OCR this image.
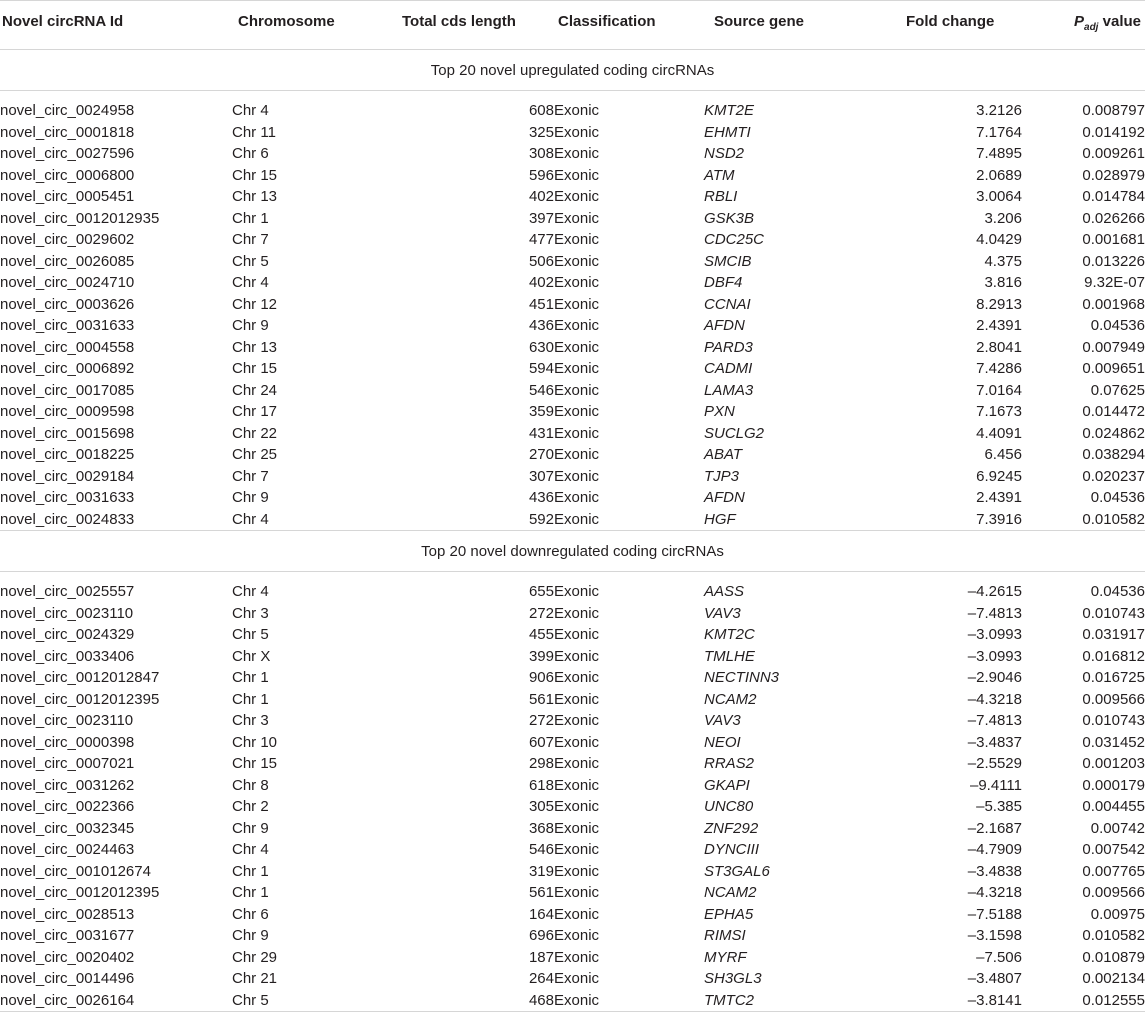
Novel circRNA Id	Chromosome	Total cds length	Classification	Source gene	Fold change	$P_{adj}$ value
Top 20 novel upregulated coding circRNAs						

novel_circ_0024958	Chr 4	608	Exonic	KMT2E	3.2126	0.008797
novel_circ_0001818	Chr 11	325	Exonic	EHMTI	7.1764	0.014192
novel_circ_0027596	Chr 6	308	Exonic	NSD2	7.4895	0.009261
novel_circ_0006800	Chr 15	596	Exonic	ATM	2.0689	0.028979
novel_circ_0005451	Chr 13	402	Exonic	RBLI	3.0064	0.014784
novel_circ_0012012935	Chr 1	397	Exonic	GSK3B	3.206	0.026266
novel_circ_0029602	Chr 7	477	Exonic	CDC25C	4.0429	0.001681
novel_circ_0026085	Chr 5	506	Exonic	SMCIB	4.375	0.013226
novel_circ_0024710	Chr 4	402	Exonic	DBF4	3.816	9.32E-07
novel_circ_0003626	Chr 12	451	Exonic	CCNAI	8.2913	0.001968
novel_circ_0031633	Chr 9	436	Exonic	AFDN	2.4391	0.04536
novel_circ_0004558	Chr 13	630	Exonic	PARD3	2.8041	0.007949
novel_circ_0006892	Chr 15	594	Exonic	CADMI	7.4286	0.009651
novel_circ_0017085	Chr 24	546	Exonic	LAMA3	7.0164	0.07625
novel_circ_0009598	Chr 17	359	Exonic	PXN	7.1673	0.014472
novel_circ_0015698	Chr 22	431	Exonic	SUCLG2	4.4091	0.024862
novel_circ_0018225	Chr 25	270	Exonic	ABAT	6.456	0.038294
novel_circ_0029184	Chr 7	307	Exonic	TJP3	6.9245	0.020237
novel_circ_0031633	Chr 9	436	Exonic	AFDN	2.4391	0.04536
novel_circ_0024833	Chr 4	592	Exonic	HGF	7.3916	0.010582
Top 20 novel downregulated coding circRNAs						

novel_circ_0025557	Chr 4	655	Exonic	AASS	–4.2615	0.04536
novel_circ_0023110	Chr 3	272	Exonic	VAV3	–7.4813	0.010743
novel_circ_0024329	Chr 5	455	Exonic	KMT2C	–3.0993	0.031917
novel_circ_0033406	Chr X	399	Exonic	TMLHE	–3.0993	0.016812
novel_circ_0012012847	Chr 1	906	Exonic	NECTINN3	–2.9046	0.016725
novel_circ_0012012395	Chr 1	561	Exonic	NCAM2	–4.3218	0.009566
novel_circ_0023110	Chr 3	272	Exonic	VAV3	–7.4813	0.010743
novel_circ_0000398	Chr 10	607	Exonic	NEOI	–3.4837	0.031452
novel_circ_0007021	Chr 15	298	Exonic	RRAS2	–2.5529	0.001203
novel_circ_0031262	Chr 8	618	Exonic	GKAPI	–9.4111	0.000179
novel_circ_0022366	Chr 2	305	Exonic	UNC80	–5.385	0.004455
novel_circ_0032345	Chr 9	368	Exonic	ZNF292	–2.1687	0.00742
novel_circ_0024463	Chr 4	546	Exonic	DYNCIII	–4.7909	0.007542
novel_circ_001012674	Chr 1	319	Exonic	ST3GAL6	–3.4838	0.007765
novel_circ_0012012395	Chr 1	561	Exonic	NCAM2	–4.3218	0.009566
novel_circ_0028513	Chr 6	164	Exonic	EPHA5	–7.5188	0.00975
novel_circ_0031677	Chr 9	696	Exonic	RIMSI	–3.1598	0.010582
novel_circ_0020402	Chr 29	187	Exonic	MYRF	–7.506	0.010879
novel_circ_0014496	Chr 21	264	Exonic	SH3GL3	–3.4807	0.002134
novel_circ_0026164	Chr 5	468	Exonic	TMTC2	–3.8141	0.012555
